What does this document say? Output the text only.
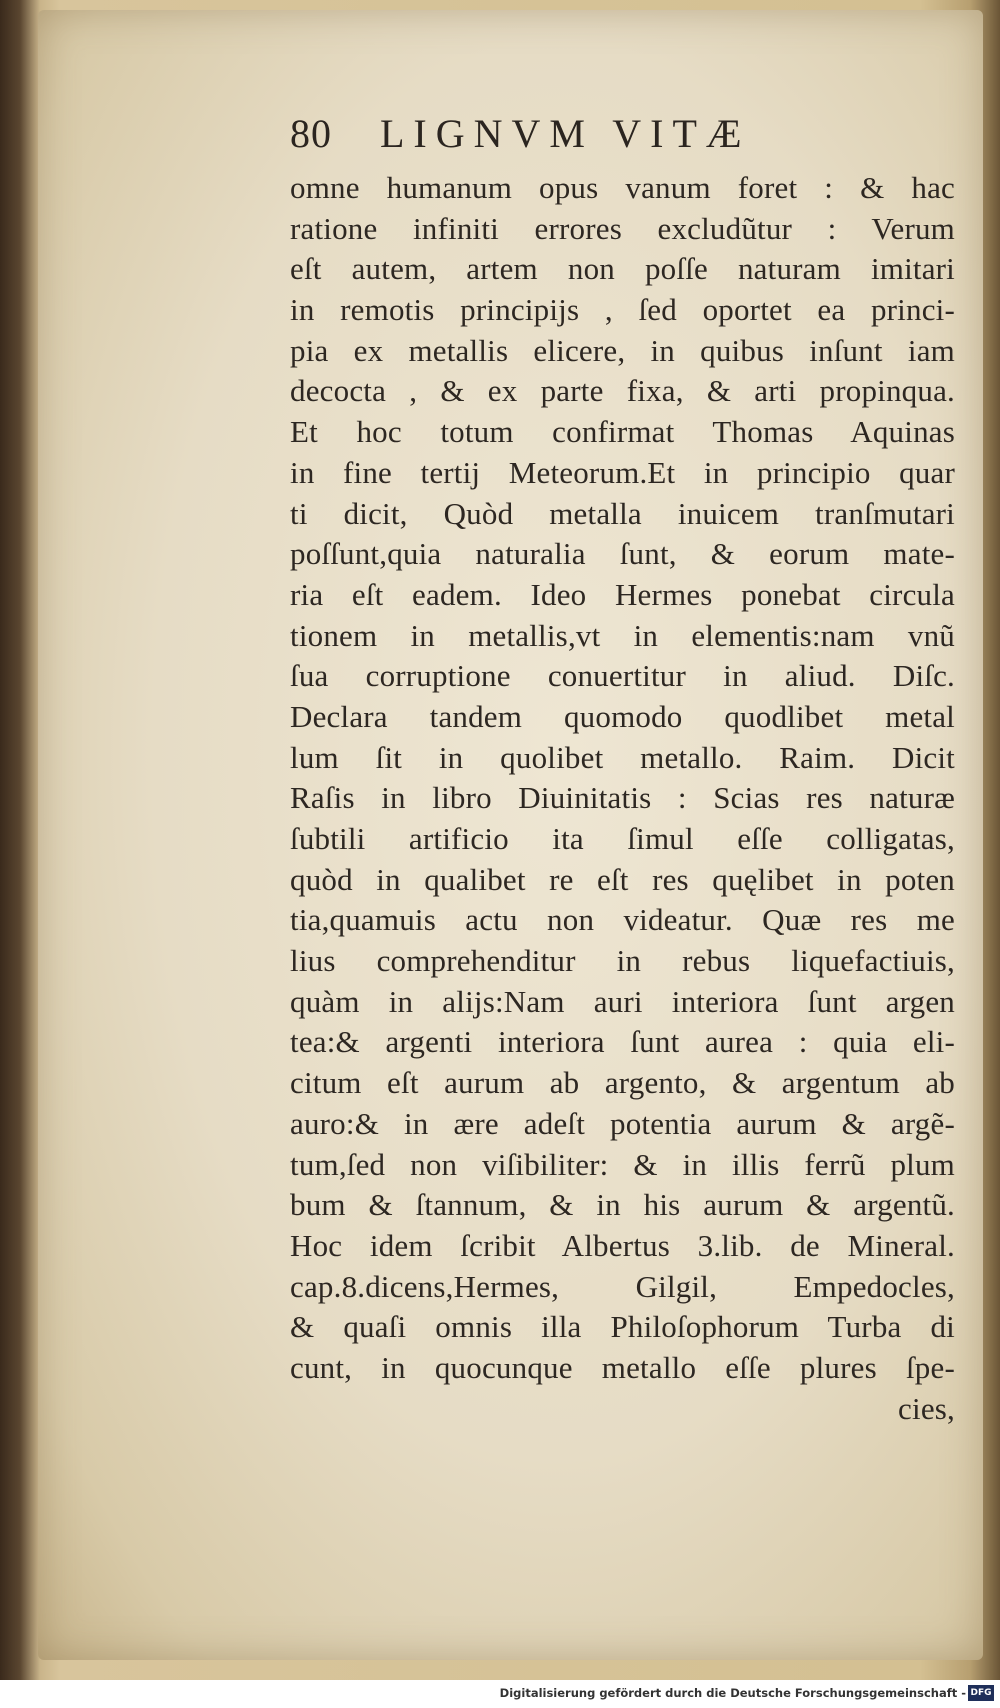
80 LIGNVM VITÆ
omne humanum opus vanum foret : & hac
ratione infiniti errores excludũtur : Verum
eſt autem, artem non poſſe naturam imitari
in remotis principijs , ſed oportet ea princi-
pia ex metallis elicere, in quibus inſunt iam
decocta , & ex parte fixa, & arti propinqua.
Et hoc totum confirmat Thomas Aquinas
in fine tertij Meteorum.Et in principio quar
ti dicit, Quòd metalla inuicem tranſmutari
poſſunt,quia naturalia ſunt, & eorum mate-
ria eſt eadem. Ideo Hermes ponebat circula
tionem in metallis,vt in elementis:nam vnũ
ſua corruptione conuertitur in aliud. Diſc.
Declara tandem quomodo quodlibet metal
lum ſit in quolibet metallo. Raim. Dicit
Raſis in libro Diuinitatis : Scias res naturæ
ſubtili artificio ita ſimul eſſe colligatas,
quòd in qualibet re eſt res quęlibet in poten
tia,quamuis actu non videatur. Quæ res me
lius comprehenditur in rebus liquefactiuis,
quàm in alijs:Nam auri interiora ſunt argen
tea:& argenti interiora ſunt aurea : quia eli-
citum eſt aurum ab argento, & argentum ab
auro:& in ære adeſt potentia aurum & argẽ-
tum,ſed non viſibiliter: & in illis ferrũ plum
bum & ſtannum, & in his aurum & argentũ.
Hoc idem ſcribit Albertus 3.lib. de Mineral.
cap.8.dicens,Hermes, Gilgil, Empedocles,
& quaſi omnis illa Philoſophorum Turba di
cunt, in quocunque metallo eſſe plures ſpe-
cies,
Digitalisierung gefördert durch die Deutsche Forschungsgemeinschaft - DFG
